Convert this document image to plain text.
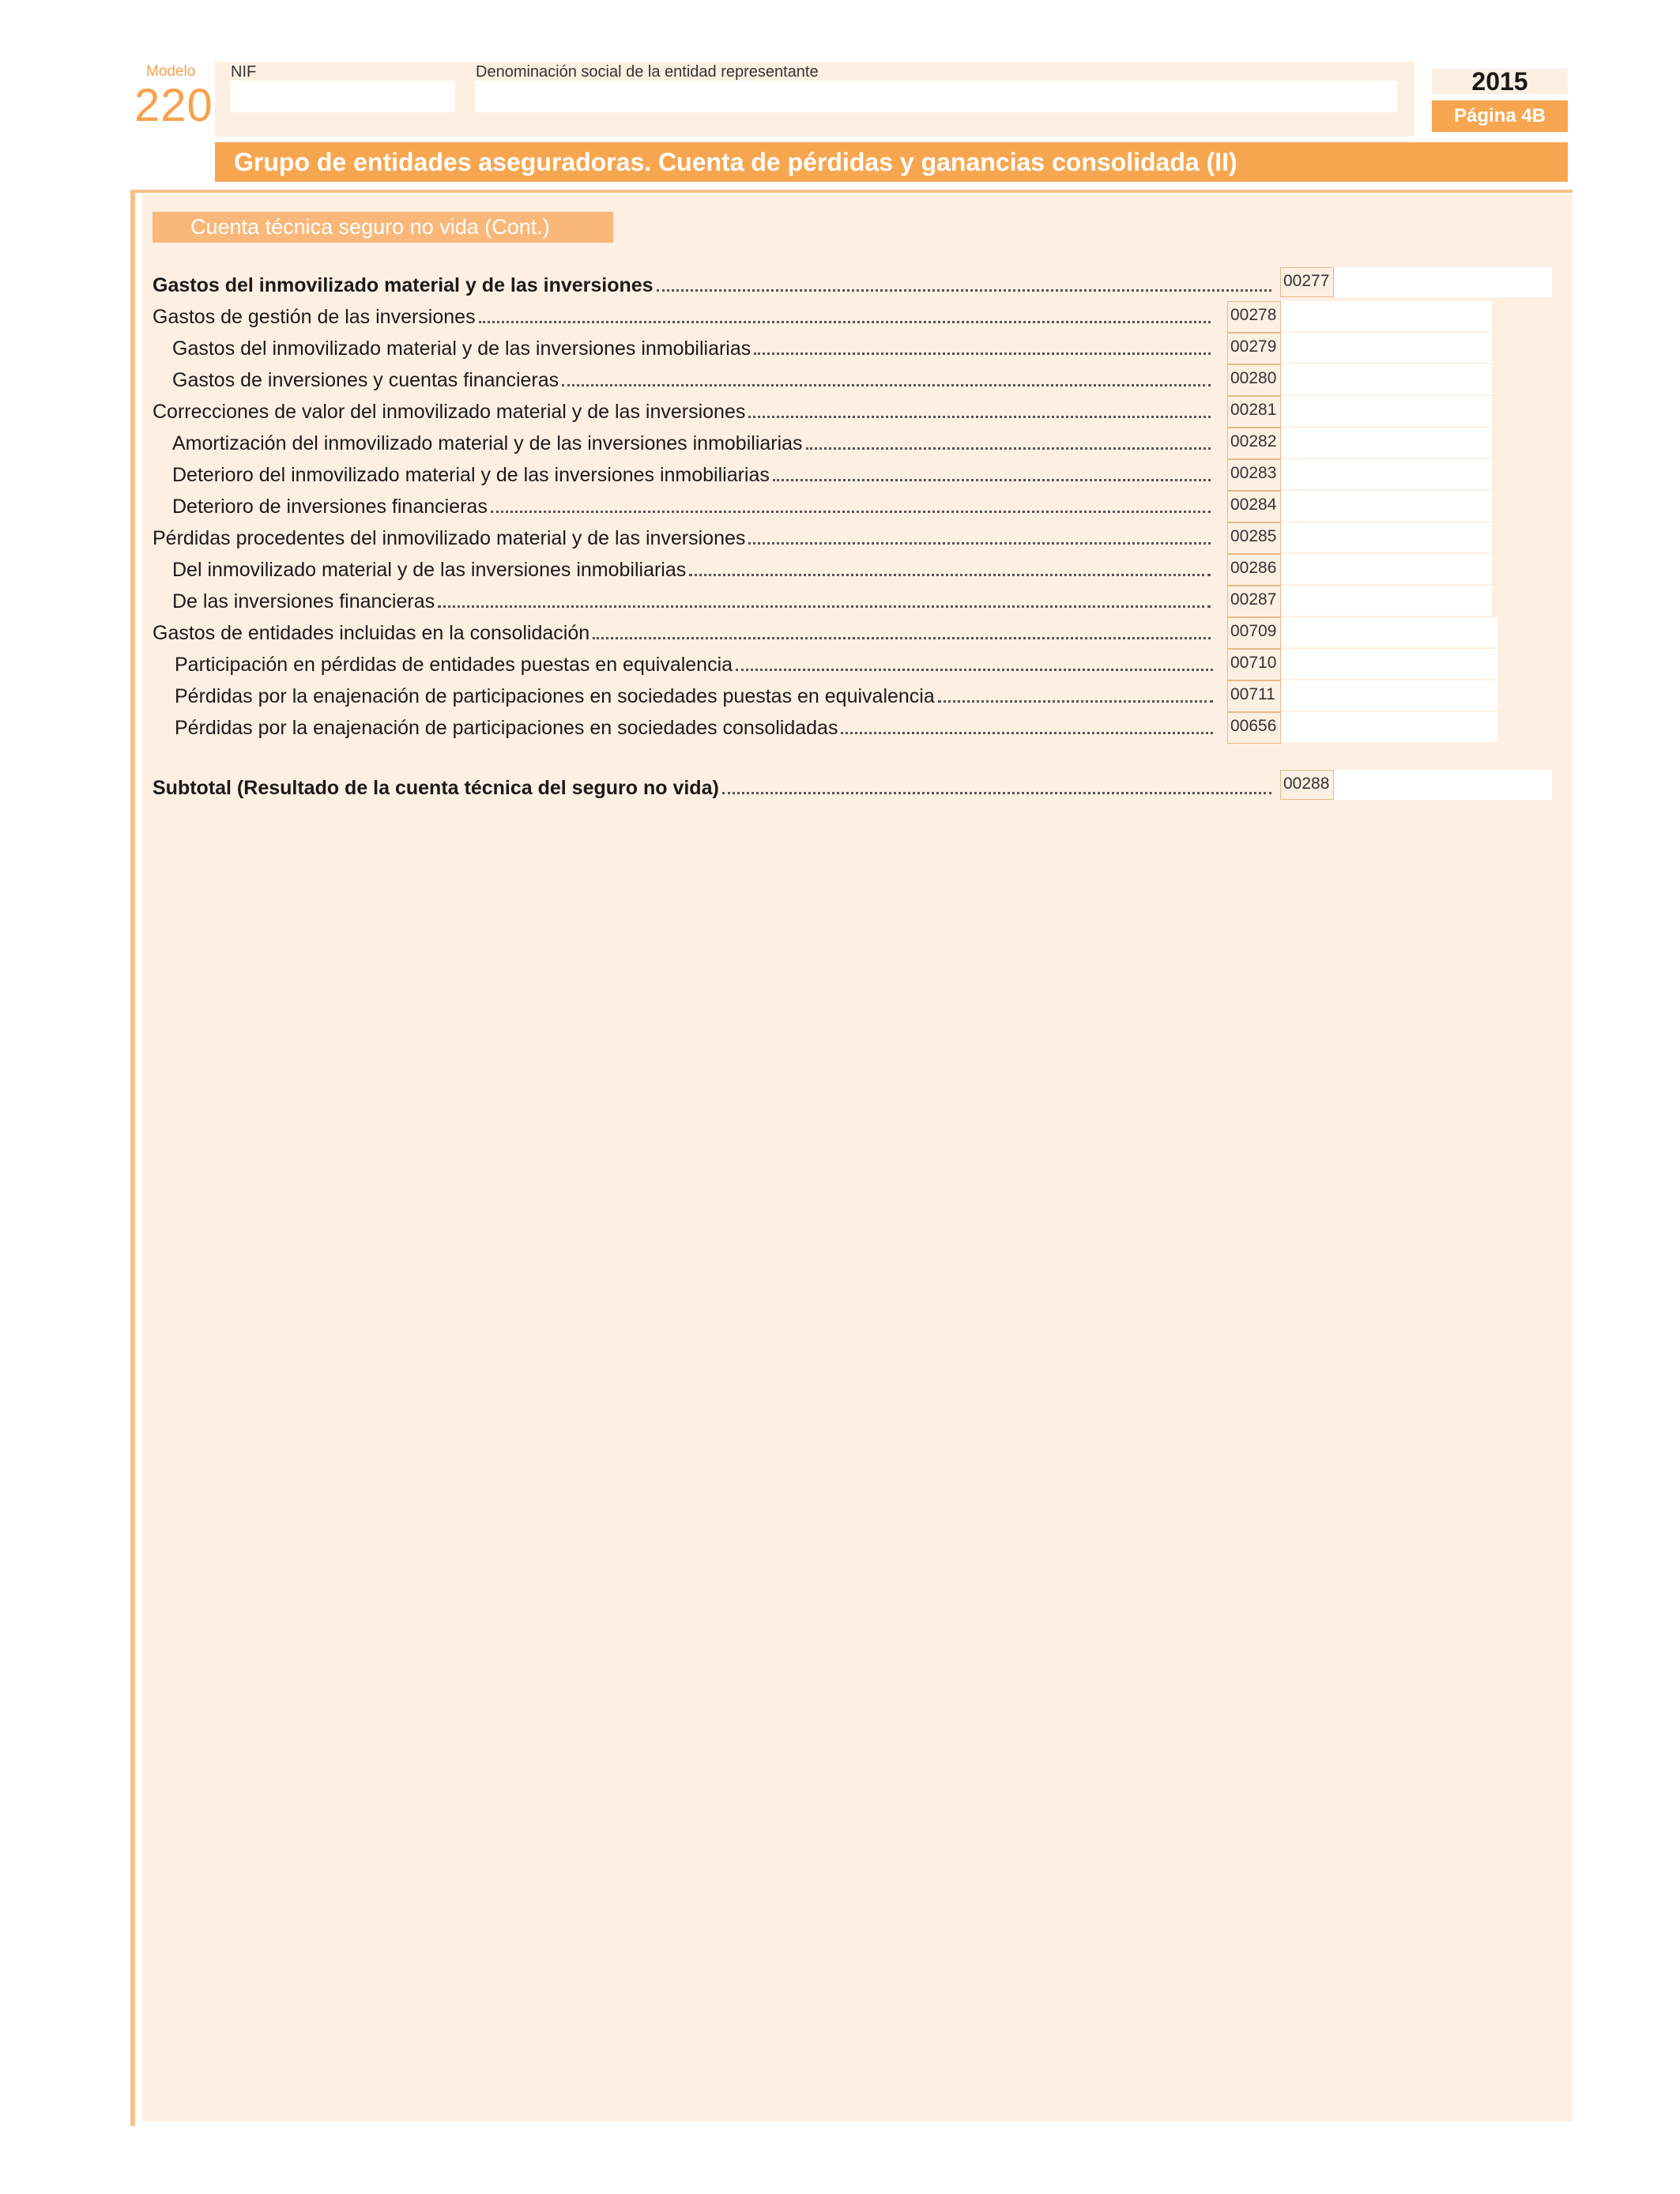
Modelo
220
NIF	Denominación social de la entidad representante	2015
Página 4B
Grupo de entidades aseguradoras. Cuenta de pérdidas y ganancias consolidada (II)
Cuenta técnica seguro no vida (Cont.)
Gastos del inmovilizado material y de las inversiones	00277
Gastos de gestión de las inversiones	00278
Gastos del inmovilizado material y de las inversiones inmobiliarias	00279
Gastos de inversiones y cuentas financieras	00280
Correcciones de valor del inmovilizado material y de las inversiones	00281
Amortización del inmovilizado material y de las inversiones inmobiliarias	00282
Deterioro del inmovilizado material y de las inversiones inmobiliarias	00283
Deterioro de inversiones financieras	00284
Pérdidas procedentes del inmovilizado material y de las inversiones	00285
Del inmovilizado material y de las inversiones inmobiliarias	00286
De las inversiones financieras	00287
Gastos de entidades incluidas en la consolidación	00709
Participación en pérdidas de entidades puestas en equivalencia	00710
Pérdidas por la enajenación de participaciones en sociedades puestas en equivalencia	00711
Pérdidas por la enajenación de participaciones en sociedades consolidadas	00656
Subtotal (Resultado de la cuenta técnica del seguro no vida)	00288
